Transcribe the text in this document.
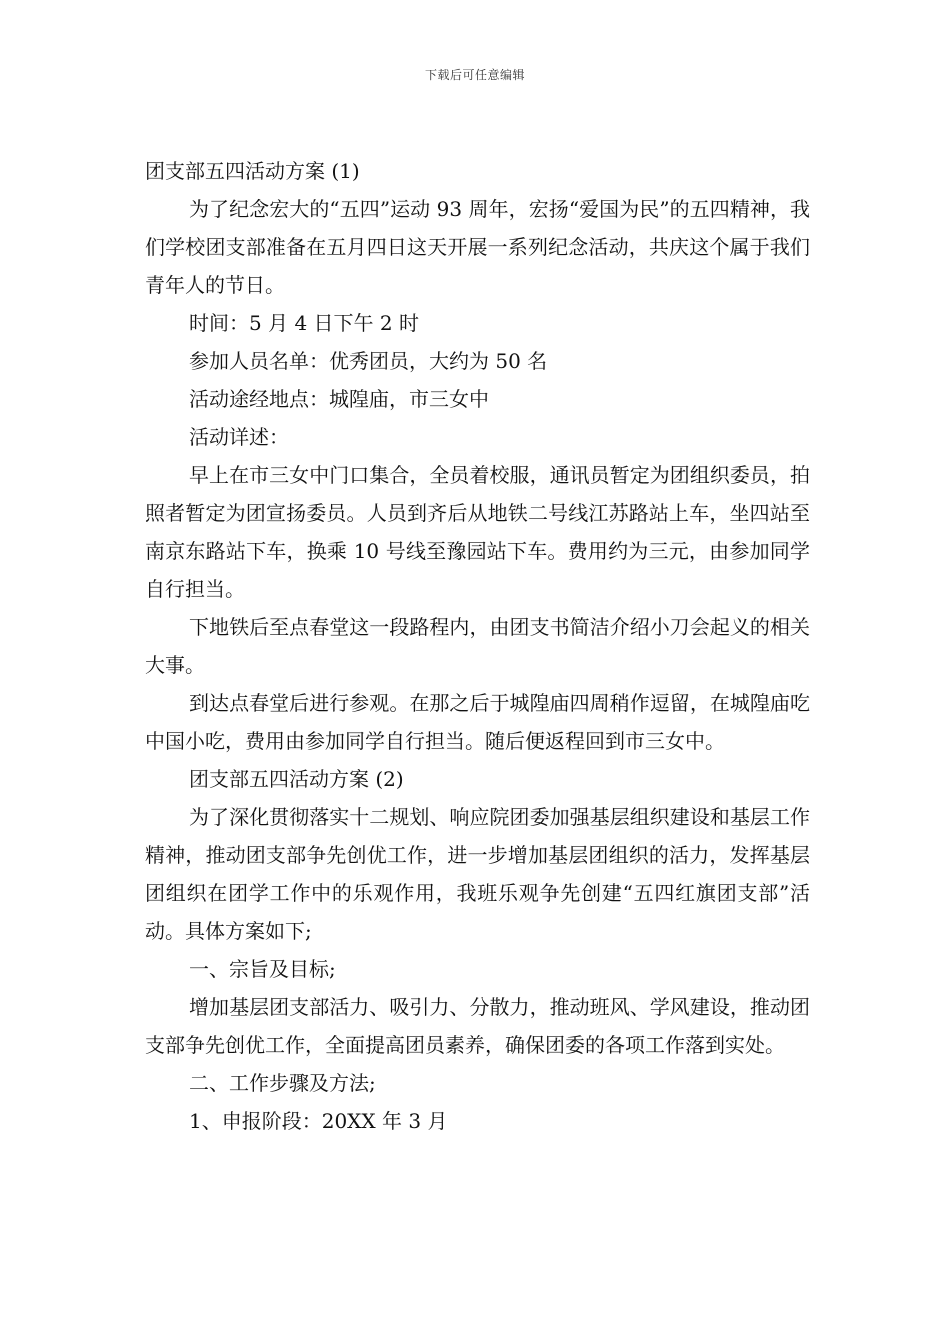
下载后可任意编辑

团支部五四活动方案 (1)

为了纪念宏大的“五四”运动 93 周年，宏扬“爱国为民”的五四精神，我们学校团支部准备在五月四日这天开展一系列纪念活动，共庆这个属于我们青年人的节日。

时间：5 月 4 日下午 2 时

参加人员名单：优秀团员，大约为 50 名

活动途经地点：城隍庙，市三女中

活动详述：

早上在市三女中门口集合，全员着校服，通讯员暂定为团组织委员，拍照者暂定为团宣扬委员。人员到齐后从地铁二号线江苏路站上车，坐四站至南京东路站下车，换乘 10 号线至豫园站下车。费用约为三元，由参加同学自行担当。

下地铁后至点春堂这一段路程内，由团支书简洁介绍小刀会起义的相关大事。

到达点春堂后进行参观。在那之后于城隍庙四周稍作逗留，在城隍庙吃中国小吃，费用由参加同学自行担当。随后便返程回到市三女中。

团支部五四活动方案 (2)

为了深化贯彻落实十二规划、响应院团委加强基层组织建设和基层工作精神，推动团支部争先创优工作，进一步增加基层团组织的活力，发挥基层团组织在团学工作中的乐观作用，我班乐观争先创建“五四红旗团支部”活动。具体方案如下;

一、宗旨及目标;

增加基层团支部活力、吸引力、分散力，推动班风、学风建设，推动团支部争先创优工作，全面提高团员素养，确保团委的各项工作落到实处。

二、工作步骤及方法;

1、申报阶段：20XX 年 3 月
